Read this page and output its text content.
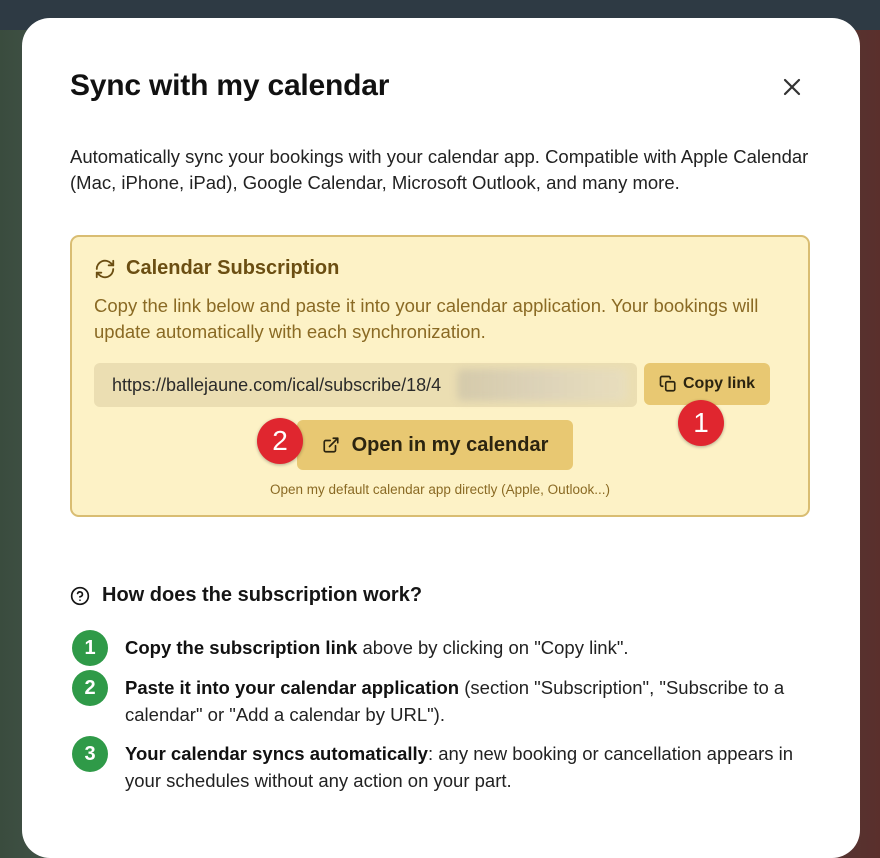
Sync with my calendar

Automatically sync your bookings with your calendar app. Compatible with Apple Calendar (Mac, iPhone, iPad), Google Calendar, Microsoft Outlook, and many more.

Calendar Subscription

Copy the link below and paste it into your calendar application. Your bookings will update automatically with each synchronization.

https://ballejaune.com/ical/subscribe/18/4
Copy link
Open in my calendar
Open my default calendar app directly (Apple, Outlook...)
1
2
How does the subscription work?
1	Copy the subscription link above by clicking on "Copy link".

2	Paste it into your calendar application (section "Subscription", "Subscribe to a calendar" or "Add a calendar by URL").

3	Your calendar syncs automatically: any new booking or cancellation appears in your schedules without any action on your part.
